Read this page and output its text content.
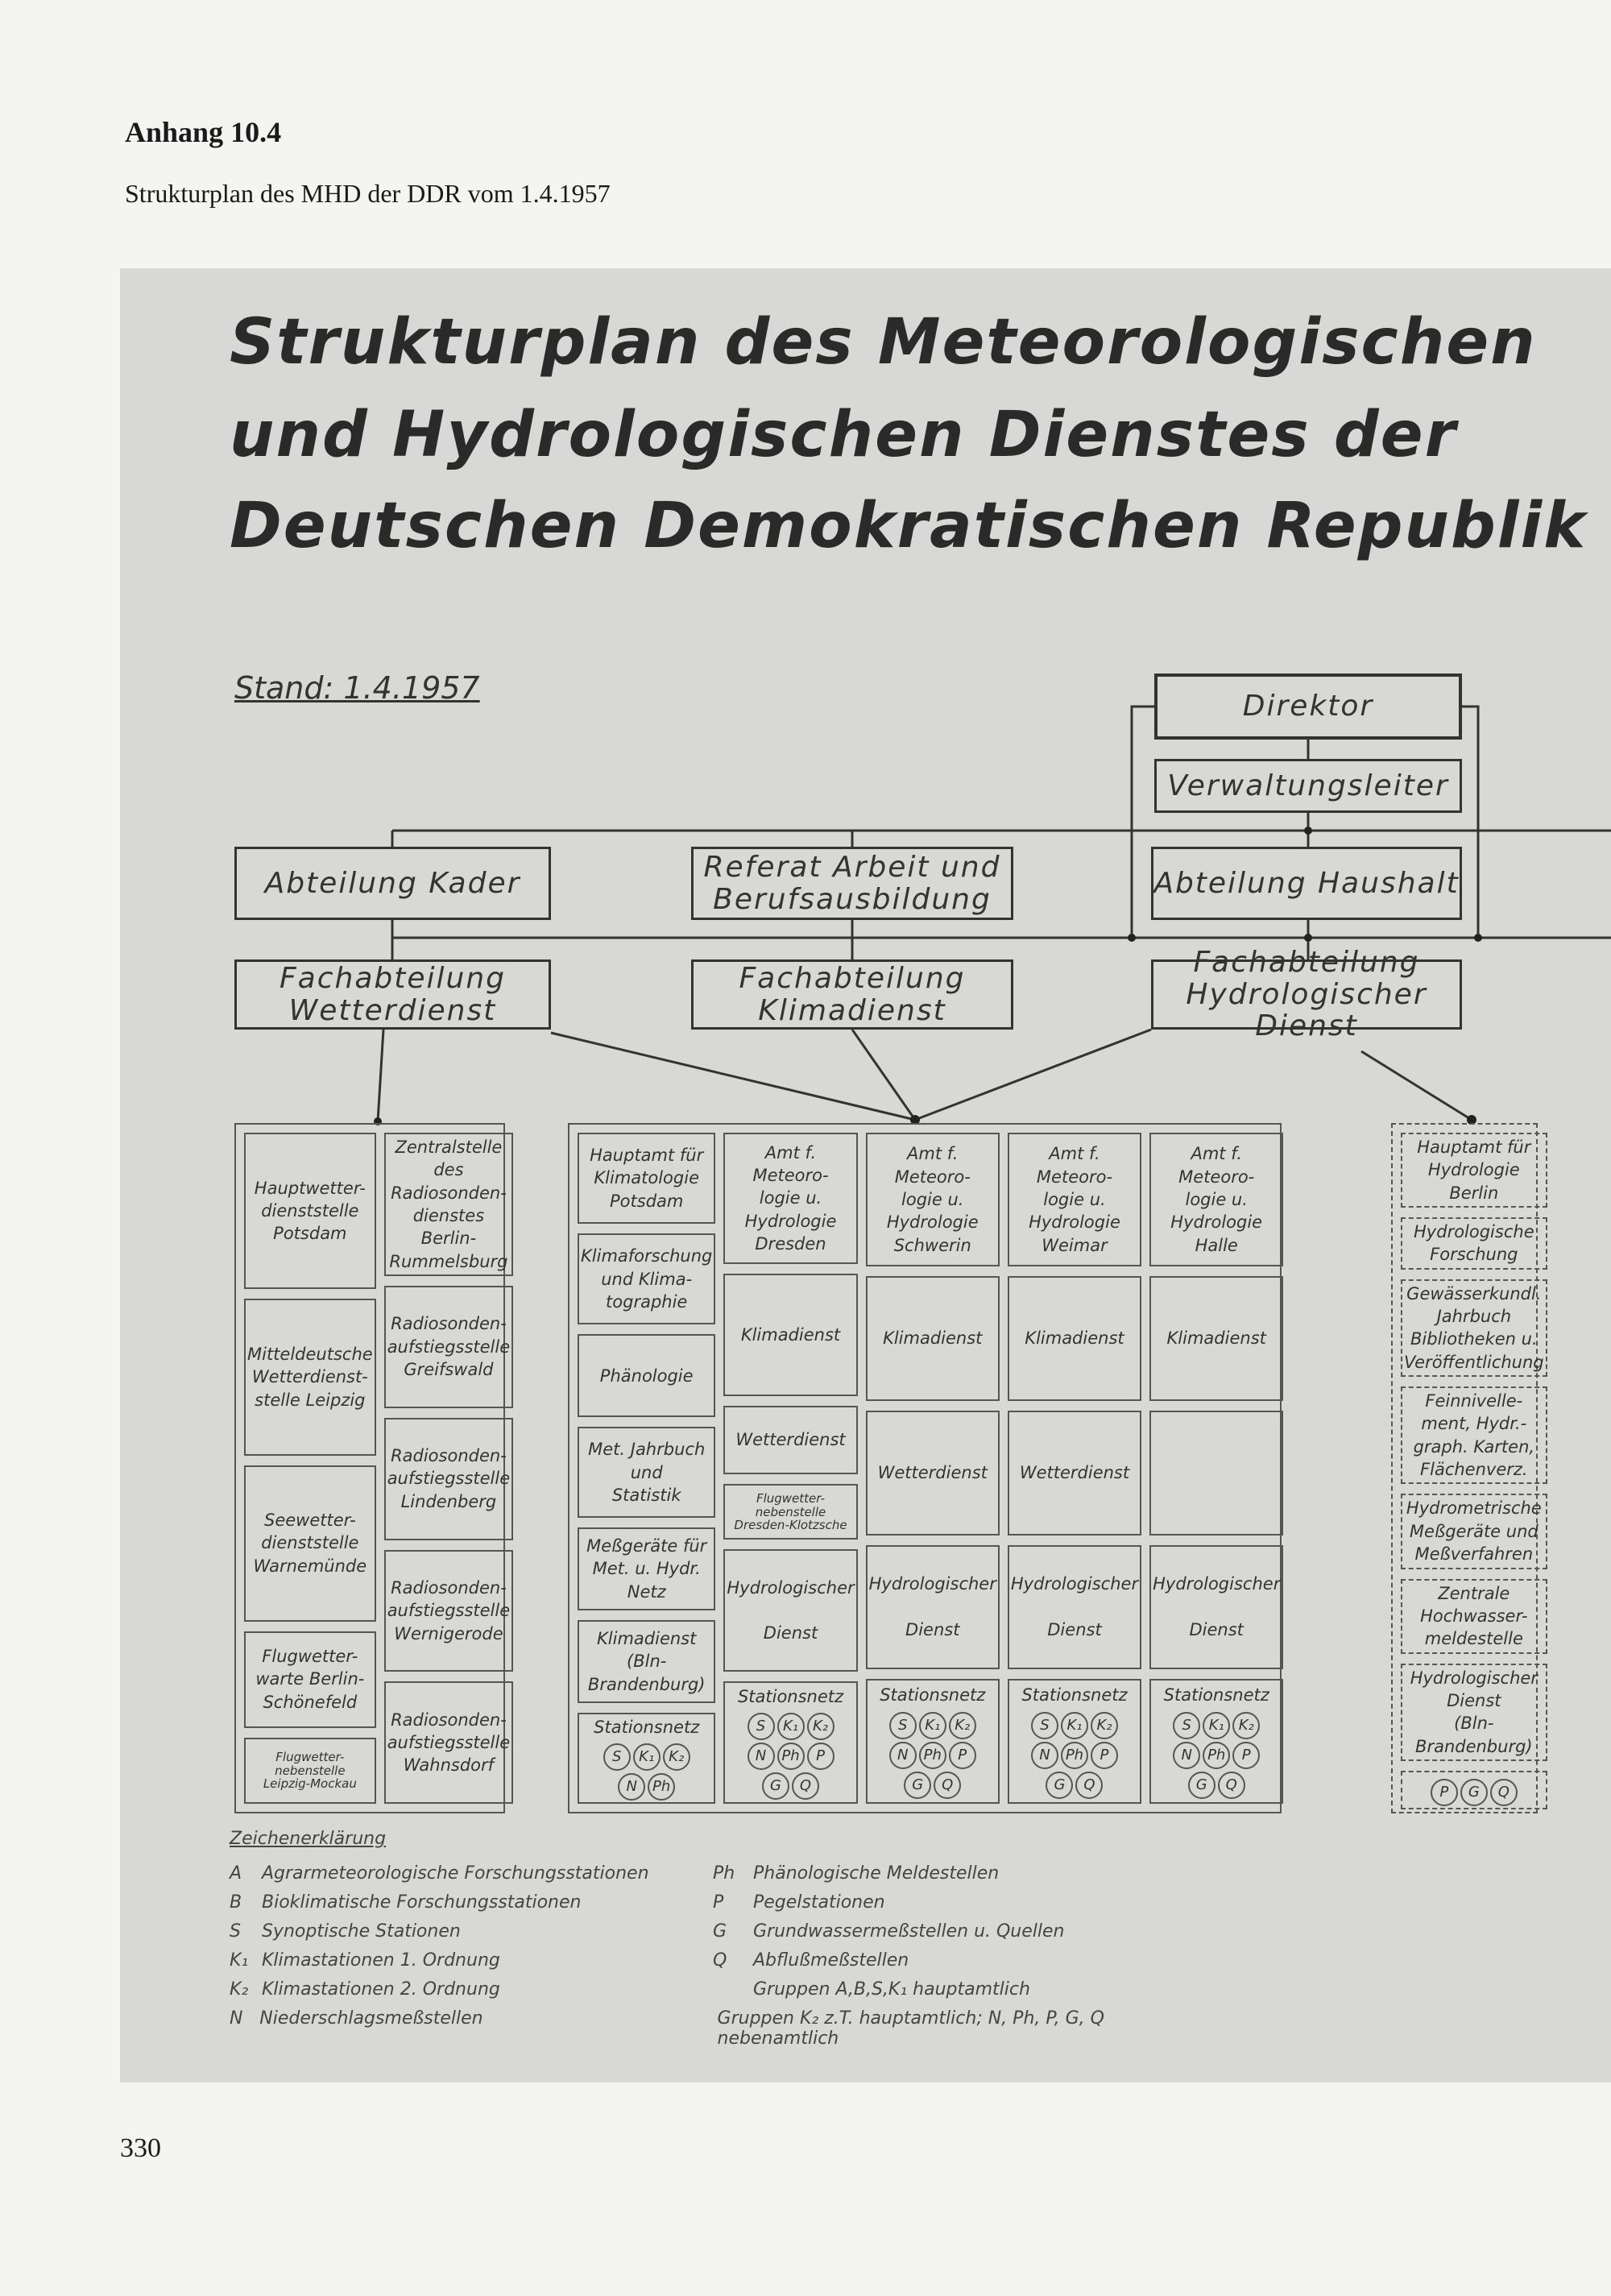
Anhang 10.4
Strukturplan des MHD der DDR vom 1.4.1957
Strukturplan des Meteorologischen
und Hydrologischen Dienstes der
Deutschen Demokratischen Republik
Stand: 1.4.1957
Direktor
Verwaltungsleiter
Abteilung Kader	Referat Arbeit und
Berufsausbildung	Abteilung Haushalt
Fachabteilung
Wetterdienst
Fachabteilung
Klimadienst
Fachabteilung
Hydrologischer Dienst
Hauptwetter-
dienststelle
Potsdam
Mitteldeutsche
Wetterdienst-
stelle Leipzig
Seewetter-
dienststelle
Warnemünde
Flugwetter-
warte Berlin-
Schönefeld
Flugwetter-
nebenstelle
Leipzig-Mockau
Zentralstelle
des
Radiosonden-
dienstes
Berlin-
Rummelsburg
Radiosonden-
aufstiegsstelle
Greifswald
Radiosonden-
aufstiegsstelle
Lindenberg
Radiosonden-
aufstiegsstelle
Wernigerode
Radiosonden-
aufstiegsstelle
Wahnsdorf
Hauptamt für
Klimatologie
Potsdam
Klimaforschung
und Klima-
tographie
Phänologie
Met. Jahrbuch
und
Statistik
Meßgeräte für
Met. u. Hydr.
Netz
Klimadienst
(Bln-Brandenburg)
Stationsnetz
S	K₁ K₂
N	Ph
Amt f. Meteoro-
logie u. Hydrologie
Dresden
Klimadienst
Wetterdienst
Flugwetter-
nebenstelle
Dresden-Klotzsche
Hydrologischer

Dienst
Stationsnetz
S	K₁ K₂
N	Ph	P
G	Q
Amt f. Meteoro-
logie u. Hydrologie
Schwerin
Klimadienst
Wetterdienst
Hydrologischer

Dienst
Stationsnetz
S	K₁ K₂
N	Ph	P
G	Q
Amt f. Meteoro-
logie u. Hydrologie
Weimar
Klimadienst
Wetterdienst
Hydrologischer

Dienst
Stationsnetz
S	K₁ K₂
N	Ph	P
G	Q
Amt f. Meteoro-
logie u. Hydrologie
Halle
Klimadienst
Hydrologischer

Dienst
Stationsnetz
S	K₁ K₂
N	Ph	P
G	Q
Hauptamt für
Hydrologie
Berlin
Hydrologische
Forschung
Gewässerkundl.
Jahrbuch
Bibliotheken u.
Veröffentlichung
Feinnivelle-
ment, Hydr.-
graph. Karten,
Flächenverz.
Hydrometrische
Meßgeräte und
Meßverfahren
Zentrale
Hochwasser-
meldestelle
Hydrologischer
Dienst
(Bln-Brandenburg)
P	G	Q
Zeichenerklärung
A	Agrarmeteorologische Forschungsstationen	Ph	Phänologische Meldestellen
B	Bioklimatische Forschungsstationen	P	Pegelstationen
S	Synoptische Stationen	G	Grundwassermeßstellen u. Quellen
K₁ Klimastationen 1. Ordnung	Q	Abflußmeßstellen
K₂ Klimastationen 2. Ordnung	Gruppen A,B,S,K₁ hauptamtlich
N Niederschlagsmeßstellen	Gruppen K₂ z.T. hauptamtlich; N, Ph, P, G, Q nebenamtlich
330
